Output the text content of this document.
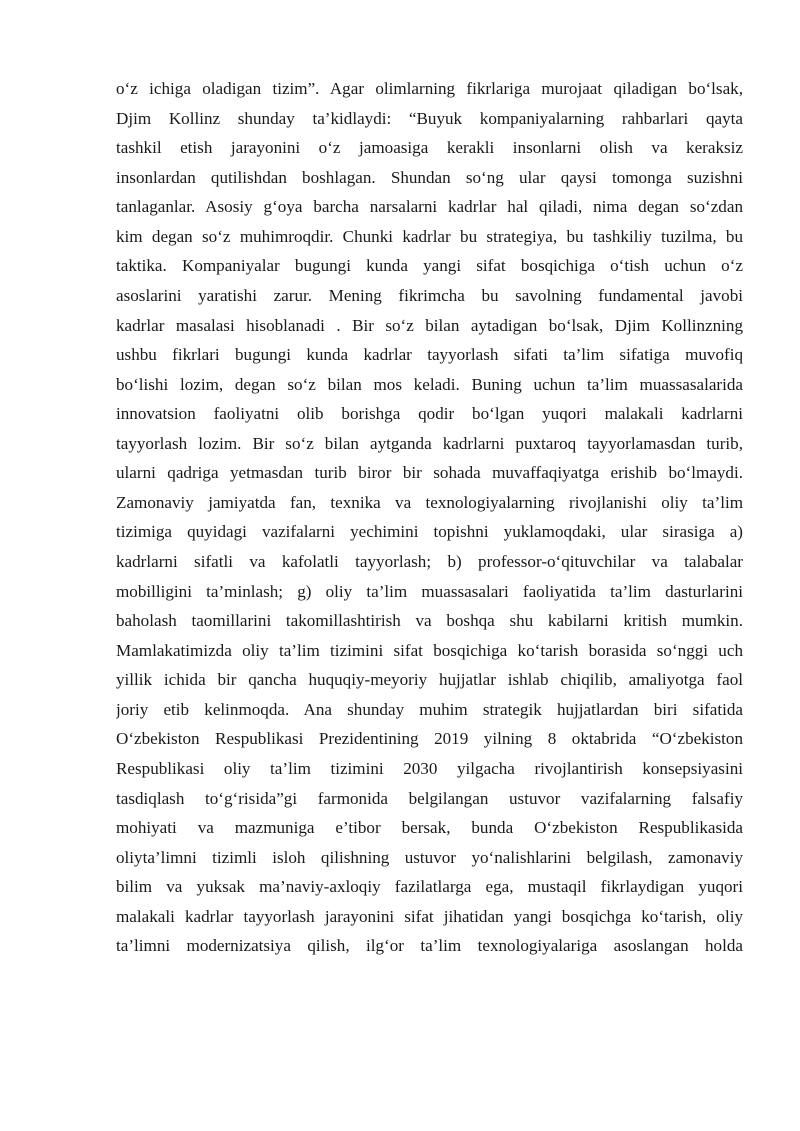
o‘z ichiga oladigan tizim”. Agar olimlarning fikrlariga murojaat qiladigan bo‘lsak,
Djim Kollinz shunday ta’kidlaydi: “Buyuk kompaniyalarning rahbarlari qayta
tashkil etish jarayonini o‘z jamoasiga kerakli insonlarni olish va keraksiz
insonlardan qutilishdan boshlagan. Shundan so‘ng ular qaysi tomonga suzishni
tanlaganlar. Asosiy g‘oya barcha narsalarni kadrlar hal qiladi, nima degan so‘zdan
kim degan so‘z muhimroqdir. Chunki kadrlar bu strategiya, bu tashkiliy tuzilma, bu
taktika. Kompaniyalar bugungi kunda yangi sifat bosqichiga o‘tish uchun o‘z
asoslarini yaratishi zarur. Mening fikrimcha bu savolning fundamental javobi
kadrlar masalasi hisoblanadi . Bir so‘z bilan aytadigan bo‘lsak, Djim Kollinzning
ushbu fikrlari bugungi kunda kadrlar tayyorlash sifati ta’lim sifatiga muvofiq
bo‘lishi lozim, degan so‘z bilan mos keladi. Buning uchun ta’lim muassasalarida
innovatsion faoliyatni olib borishga qodir bo‘lgan yuqori malakali kadrlarni
tayyorlash lozim. Bir so‘z bilan aytganda kadrlarni puxtaroq tayyorlamasdan turib,
ularni qadriga yetmasdan turib biror bir sohada muvaffaqiyatga erishib bo‘lmaydi.
Zamonaviy jamiyatda fan, texnika va texnologiyalarning rivojlanishi oliy ta’lim
tizimiga quyidagi vazifalarni yechimini topishni yuklamoqdaki, ular sirasiga a)
kadrlarni sifatli va kafolatli tayyorlash; b) professor-o‘qituvchilar va talabalar
mobilligini ta’minlash; g) oliy ta’lim muassasalari faoliyatida ta’lim dasturlarini
baholash taomillarini takomillashtirish va boshqa shu kabilarni kritish mumkin.
Mamlakatimizda oliy ta’lim tizimini sifat bosqichiga ko‘tarish borasida so‘nggi uch
yillik ichida bir qancha huquqiy-meyoriy hujjatlar ishlab chiqilib, amaliyotga faol
joriy etib kelinmoqda. Ana shunday muhim strategik hujjatlardan biri sifatida
O‘zbekiston Respublikasi Prezidentining 2019 yilning 8 oktabrida “O‘zbekiston
Respublikasi oliy ta’lim tizimini 2030 yilgacha rivojlantirish konsepsiyasini
tasdiqlash to‘g‘risida”gi farmonida belgilangan ustuvor vazifalarning falsafiy
mohiyati va mazmuniga e’tibor bersak, bunda O‘zbekiston Respublikasida
oliyta’limni tizimli isloh qilishning ustuvor yo‘nalishlarini belgilash, zamonaviy
bilim va yuksak ma’naviy-axloqiy fazilatlarga ega, mustaqil fikrlaydigan yuqori
malakali kadrlar tayyorlash jarayonini sifat jihatidan yangi bosqichga ko‘tarish, oliy
ta’limni modernizatsiya qilish, ilg‘or ta’lim texnologiyalariga asoslangan holda
